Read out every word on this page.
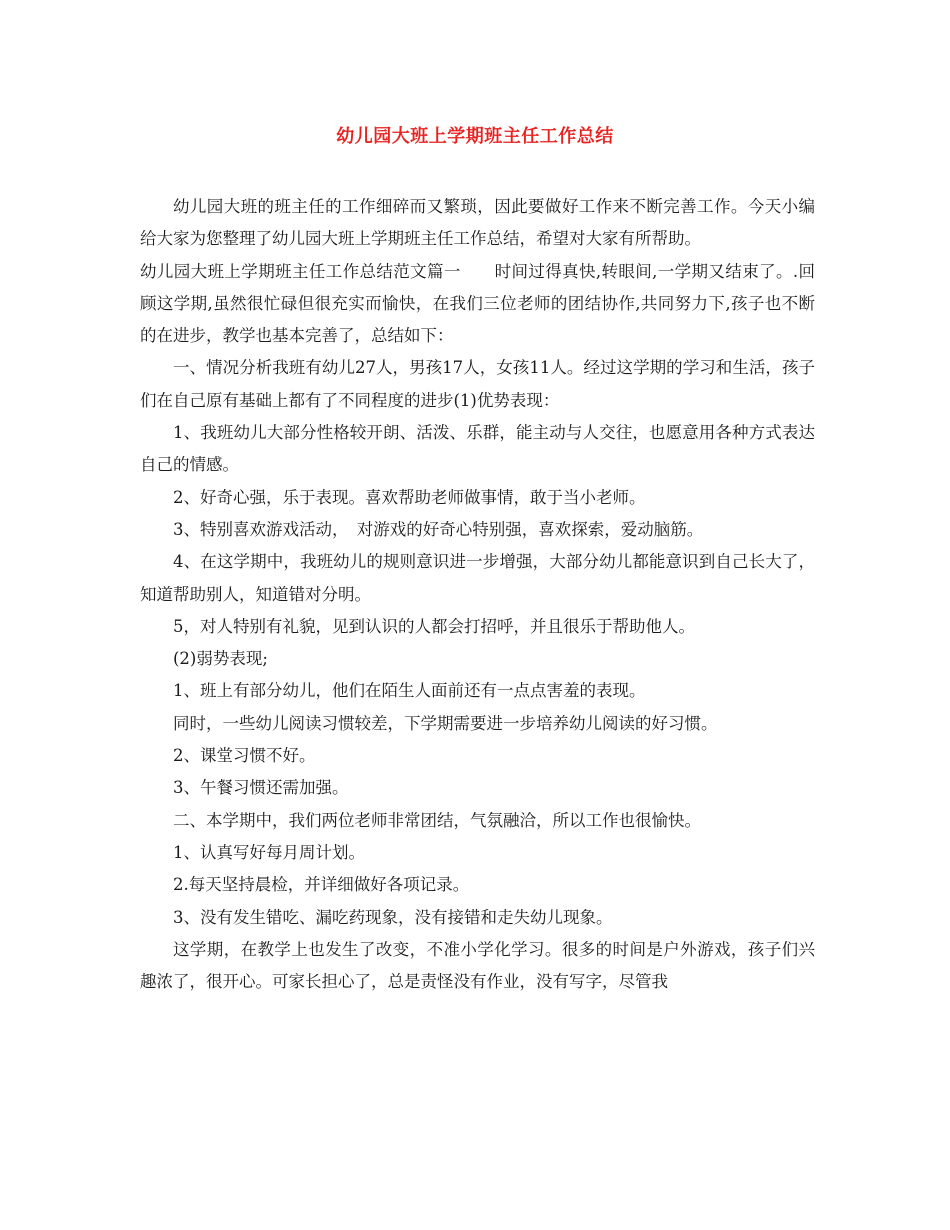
幼儿园大班上学期班主任工作总结

幼儿园大班的班主任的工作细碎而又繁琐，因此要做好工作来不断完善工作。今天小编给大家为您整理了幼儿园大班上学期班主任工作总结，希望对大家有所帮助。

幼儿园大班上学期班主任工作总结范文篇一　　时间过得真快,转眼间,一学期又结束了。.回顾这学期,虽然很忙碌但很充实而愉快，在我们三位老师的团结协作,共同努力下,孩子也不断的在进步，教学也基本完善了，总结如下：

一、情况分析我班有幼儿27人，男孩17人，女孩11人。经过这学期的学习和生活，孩子们在自己原有基础上都有了不同程度的进步(1)优势表现：

1、我班幼儿大部分性格较开朗、活泼、乐群，能主动与人交往，也愿意用各种方式表达自己的情感。

2、好奇心强，乐于表现。喜欢帮助老师做事情，敢于当小老师。

3、特别喜欢游戏活动，　对游戏的好奇心特别强，喜欢探索，爱动脑筋。

4、在这学期中，我班幼儿的规则意识进一步增强，大部分幼儿都能意识到自己长大了，知道帮助别人，知道错对分明。

5，对人特别有礼貌，见到认识的人都会打招呼，并且很乐于帮助他人。

(2)弱势表现;

1、班上有部分幼儿，他们在陌生人面前还有一点点害羞的表现。

同时，一些幼儿阅读习惯较差，下学期需要进一步培养幼儿阅读的好习惯。

2、课堂习惯不好。

3、午餐习惯还需加强。

二、本学期中，我们两位老师非常团结，气氛融洽，所以工作也很愉快。

1、认真写好每月周计划。

2.每天坚持晨检，并详细做好各项记录。

3、没有发生错吃、漏吃药现象，没有接错和走失幼儿现象。

这学期，在教学上也发生了改变，不准小学化学习。很多的时间是户外游戏，孩子们兴趣浓了，很开心。可家长担心了，总是责怪没有作业，没有写字，尽管我
